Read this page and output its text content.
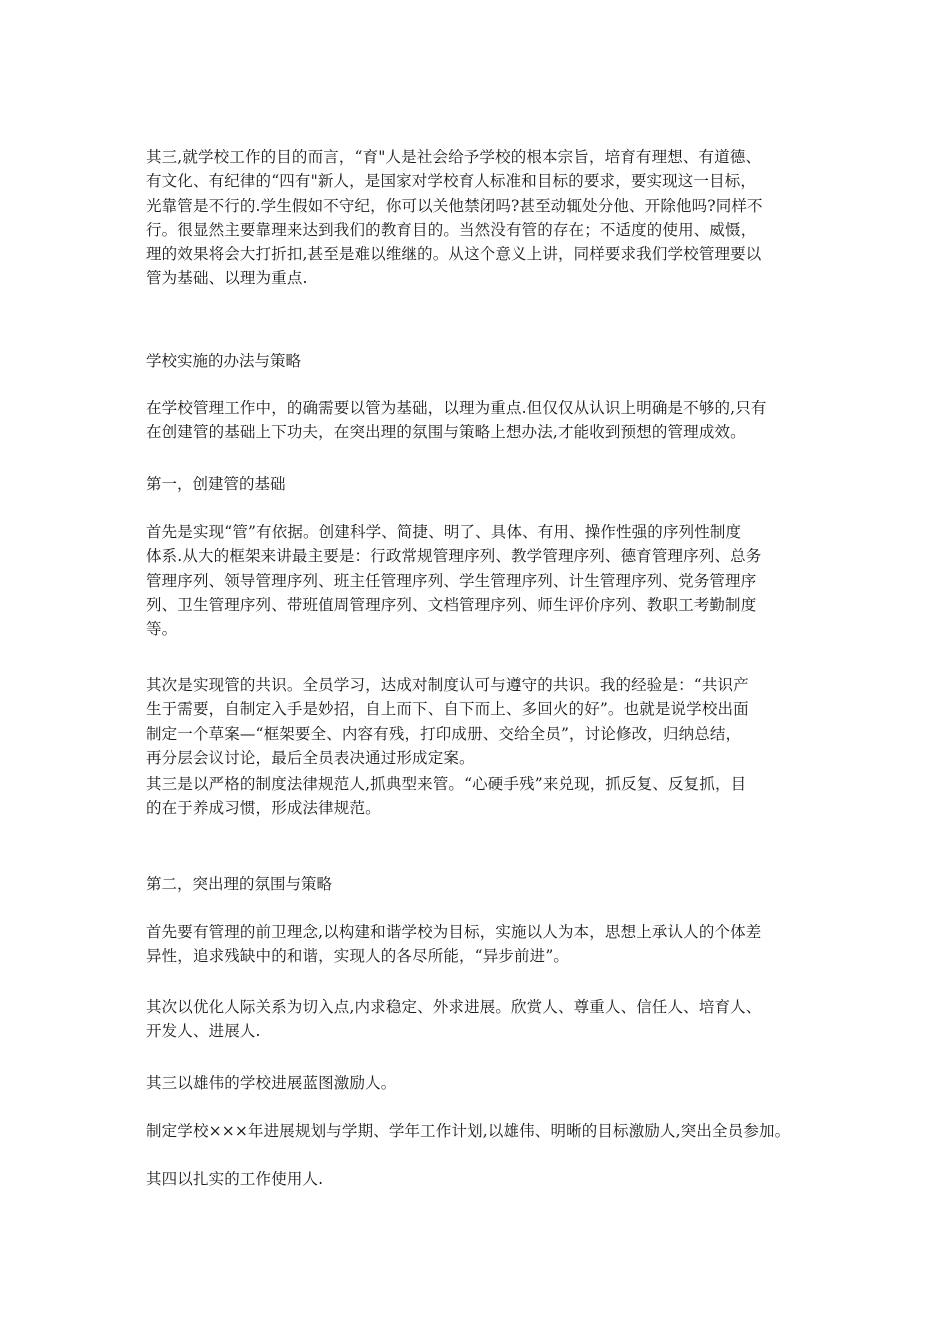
其三,就学校工作的目的而言，“育"人是社会给予学校的根本宗旨，培育有理想、有道德、
有文化、有纪律的“四有"新人，是国家对学校育人标准和目标的要求，要实现这一目标，
光靠管是不行的.学生假如不守纪，你可以关他禁闭吗?甚至动辄处分他、开除他吗?同样不
行。很显然主要靠理来达到我们的教育目的。当然没有管的存在；不适度的使用、威慑，
理的效果将会大打折扣,甚至是难以维继的。从这个意义上讲，同样要求我们学校管理要以
管为基础、以理为重点.

学校实施的办法与策略

在学校管理工作中，的确需要以管为基础，以理为重点.但仅仅从认识上明确是不够的,只有
在创建管的基础上下功夫，在突出理的氛围与策略上想办法,才能收到预想的管理成效。

第一，创建管的基础

首先是实现“管”有依据。创建科学、简捷、明了、具体、有用、操作性强的序列性制度
体系.从大的框架来讲最主要是：行政常规管理序列、教学管理序列、德育管理序列、总务
管理序列、领导管理序列、班主任管理序列、学生管理序列、计生管理序列、党务管理序
列、卫生管理序列、带班值周管理序列、文档管理序列、师生评价序列、教职工考勤制度
等。

其次是实现管的共识。全员学习，达成对制度认可与遵守的共识。我的经验是：“共识产
生于需要，自制定入手是妙招，自上而下、自下而上、多回火的好”。也就是说学校出面
制定一个草案—“框架要全、内容有残，打印成册、交给全员”，讨论修改，归纳总结，
再分层会议讨论，最后全员表决通过形成定案。

其三是以严格的制度法律规范人,抓典型来管。“心硬手残”来兑现，抓反复、反复抓，目
的在于养成习惯，形成法律规范。

第二，突出理的氛围与策略

首先要有管理的前卫理念,以构建和谐学校为目标，实施以人为本，思想上承认人的个体差
异性，追求残缺中的和谐，实现人的各尽所能，“异步前进”。

其次以优化人际关系为切入点,内求稳定、外求进展。欣赏人、尊重人、信任人、培育人、
开发人、进展人.

其三以雄伟的学校进展蓝图激励人。

制定学校×××年进展规划与学期、学年工作计划,以雄伟、明晰的目标激励人,突出全员参加。

其四以扎实的工作使用人.
